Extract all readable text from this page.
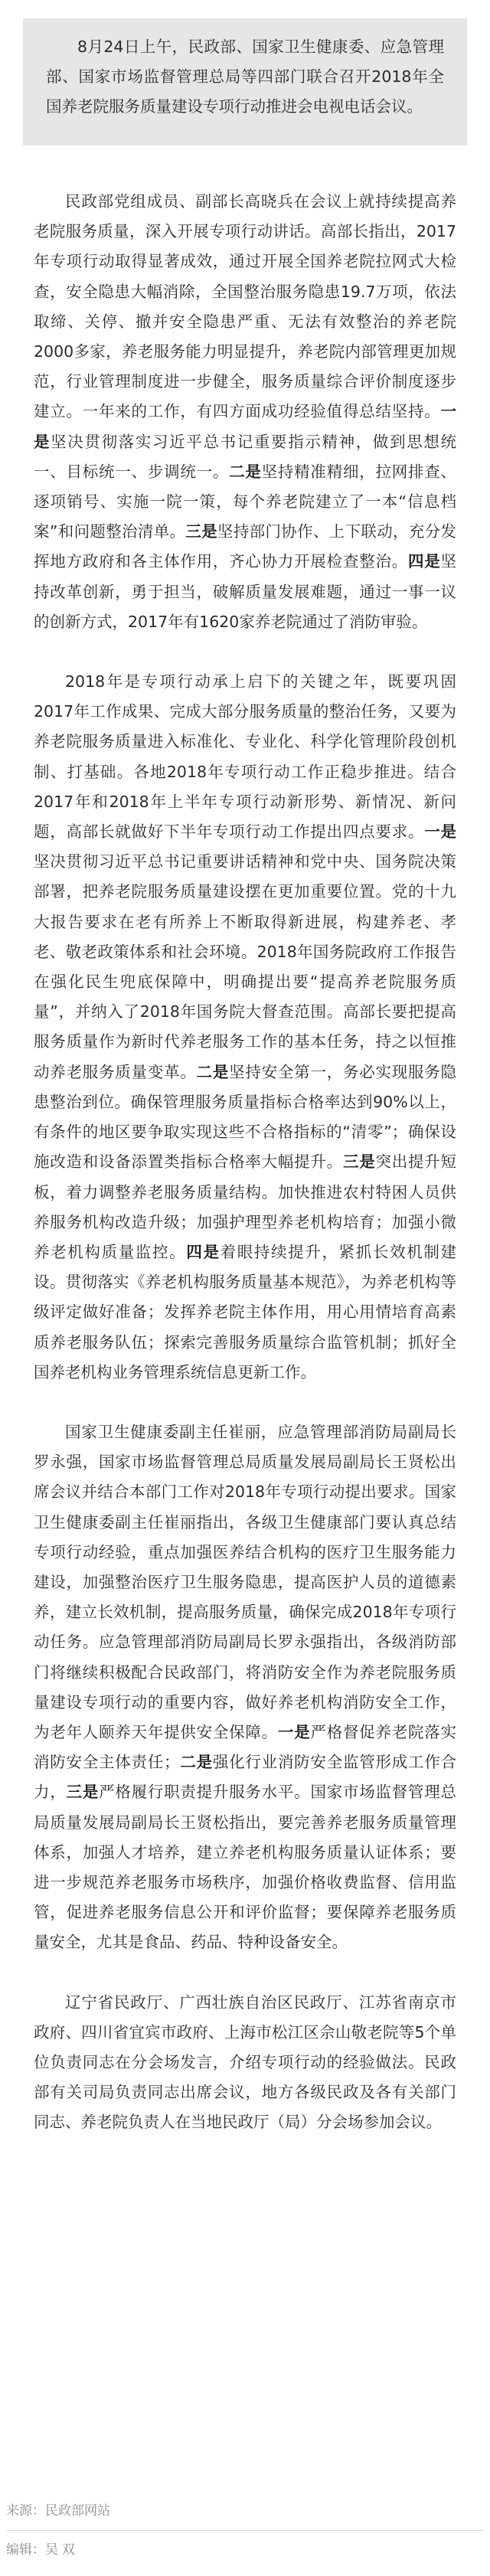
8月24日上午，民政部、国家卫生健康委、应急管理部、国家市场监督管理总局等四部门联合召开2018年全国养老院服务质量建设专项行动推进会电视电话会议。

民政部党组成员、副部长高晓兵在会议上就持续提高养老院服务质量，深入开展专项行动讲话。高部长指出，2017年专项行动取得显著成效，通过开展全国养老院拉网式大检查，安全隐患大幅消除，全国整治服务隐患19.7万项，依法取缔、关停、撤并安全隐患严重、无法有效整治的养老院2000多家，养老服务能力明显提升，养老院内部管理更加规范，行业管理制度进一步健全，服务质量综合评价制度逐步建立。一年来的工作，有四方面成功经验值得总结坚持。一是坚决贯彻落实习近平总书记重要指示精神，做到思想统一、目标统一、步调统一。二是坚持精准精细，拉网排查、逐项销号、实施一院一策，每个养老院建立了一本“信息档案”和问题整治清单。三是坚持部门协作、上下联动，充分发挥地方政府和各主体作用，齐心协力开展检查整治。四是坚持改革创新，勇于担当，破解质量发展难题，通过一事一议的创新方式，2017年有1620家养老院通过了消防审验。

2018年是专项行动承上启下的关键之年，既要巩固2017年工作成果、完成大部分服务质量的整治任务，又要为养老院服务质量进入标准化、专业化、科学化管理阶段创机制、打基础。各地2018年专项行动工作正稳步推进。结合2017年和2018年上半年专项行动新形势、新情况、新问题，高部长就做好下半年专项行动工作提出四点要求。一是坚决贯彻习近平总书记重要讲话精神和党中央、国务院决策部署，把养老院服务质量建设摆在更加重要位置。党的十九大报告要求在老有所养上不断取得新进展，构建养老、孝老、敬老政策体系和社会环境。2018年国务院政府工作报告在强化民生兜底保障中，明确提出要“提高养老院服务质量”，并纳入了2018年国务院大督查范围。高部长要把提高服务质量作为新时代养老服务工作的基本任务，持之以恒推动养老服务质量变革。二是坚持安全第一，务必实现服务隐患整治到位。确保管理服务质量指标合格率达到90%以上，有条件的地区要争取实现这些不合格指标的“清零”；确保设施改造和设备添置类指标合格率大幅提升。三是突出提升短板，着力调整养老服务质量结构。加快推进农村特困人员供养服务机构改造升级；加强护理型养老机构培育；加强小微养老机构质量监控。四是着眼持续提升，紧抓长效机制建设。贯彻落实《养老机构服务质量基本规范》，为养老机构等级评定做好准备；发挥养老院主体作用，用心用情培育高素质养老服务队伍；探索完善服务质量综合监管机制；抓好全国养老机构业务管理系统信息更新工作。

国家卫生健康委副主任崔丽，应急管理部消防局副局长罗永强，国家市场监督管理总局质量发展局副局长王贤松出席会议并结合本部门工作对2018年专项行动提出要求。国家卫生健康委副主任崔丽指出，各级卫生健康部门要认真总结专项行动经验，重点加强医养结合机构的医疗卫生服务能力建设，加强整治医疗卫生服务隐患，提高医护人员的道德素养，建立长效机制，提高服务质量，确保完成2018年专项行动任务。应急管理部消防局副局长罗永强指出，各级消防部门将继续积极配合民政部门，将消防安全作为养老院服务质量建设专项行动的重要内容，做好养老机构消防安全工作，为老年人颐养天年提供安全保障。一是严格督促养老院落实消防安全主体责任；二是强化行业消防安全监管形成工作合力，三是严格履行职责提升服务水平。国家市场监督管理总局质量发展局副局长王贤松指出，要完善养老服务质量管理体系，加强人才培养，建立养老机构服务质量认证体系；要进一步规范养老服务市场秩序，加强价格收费监督、信用监管，促进养老服务信息公开和评价监督；要保障养老服务质量安全，尤其是食品、药品、特种设备安全。

辽宁省民政厅、广西壮族自治区民政厅、江苏省南京市政府、四川省宜宾市政府、上海市松江区佘山敬老院等5个单位负责同志在分会场发言，介绍专项行动的经验做法。民政部有关司局负责同志出席会议，地方各级民政及各有关部门同志、养老院负责人在当地民政厅（局）分会场参加会议。

来源：民政部网站
编辑：吴 双
